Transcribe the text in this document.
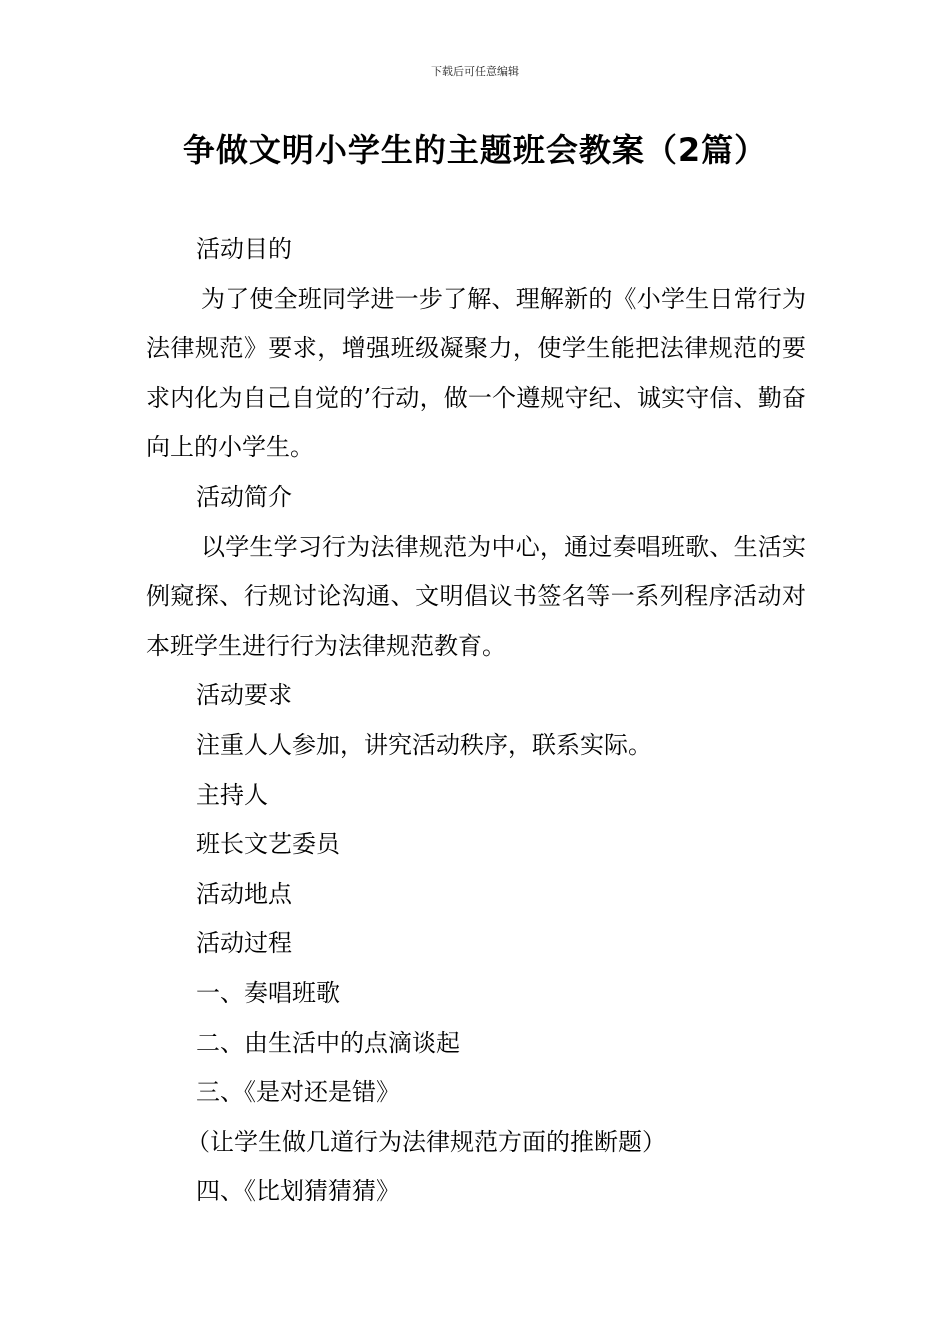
下载后可任意编辑
争做文明小学生的主题班会教案（2篇）

活动目的

为了使全班同学进一步了解、理解新的《小学生日常行为法律规范》要求，增强班级凝聚力，使学生能把法律规范的要求内化为自己自觉的’行动，做一个遵规守纪、诚实守信、勤奋向上的小学生。

活动简介

以学生学习行为法律规范为中心，通过奏唱班歌、生活实例窥探、行规讨论沟通、文明倡议书签名等一系列程序活动对本班学生进行行为法律规范教育。

活动要求

注重人人参加，讲究活动秩序，联系实际。

主持人

班长文艺委员

活动地点

活动过程

一、奏唱班歌

二、由生活中的点滴谈起

三、《是对还是错》

（让学生做几道行为法律规范方面的推断题）

四、《比划猜猜猜》
